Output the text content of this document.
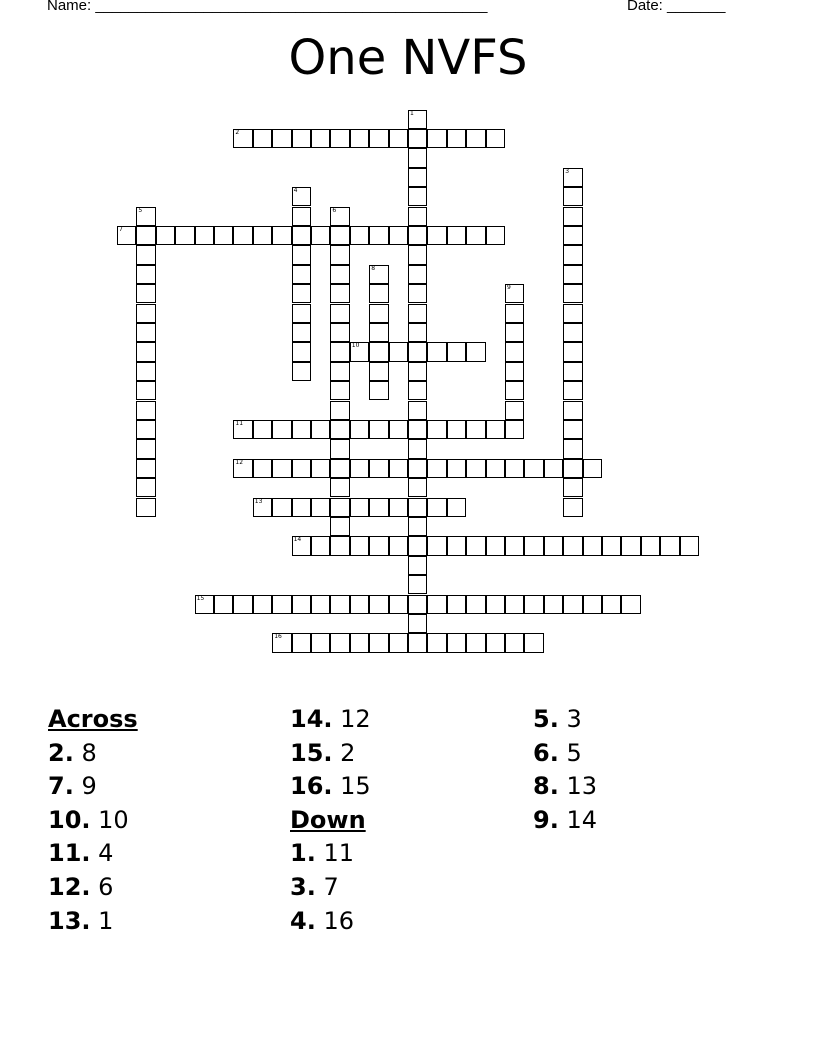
Name: _______________________________________________	Date: _______
One NVFS
1
2
3
4
5	6
7
8
9
10
11
12
13
14
15
16
Across
2. 8
7. 9
10. 10
11. 4
12. 6
13. 1
14. 12
15. 2
16. 15
Down
1. 11
3. 7
4. 16
5. 3
6. 5
8. 13
9. 14
